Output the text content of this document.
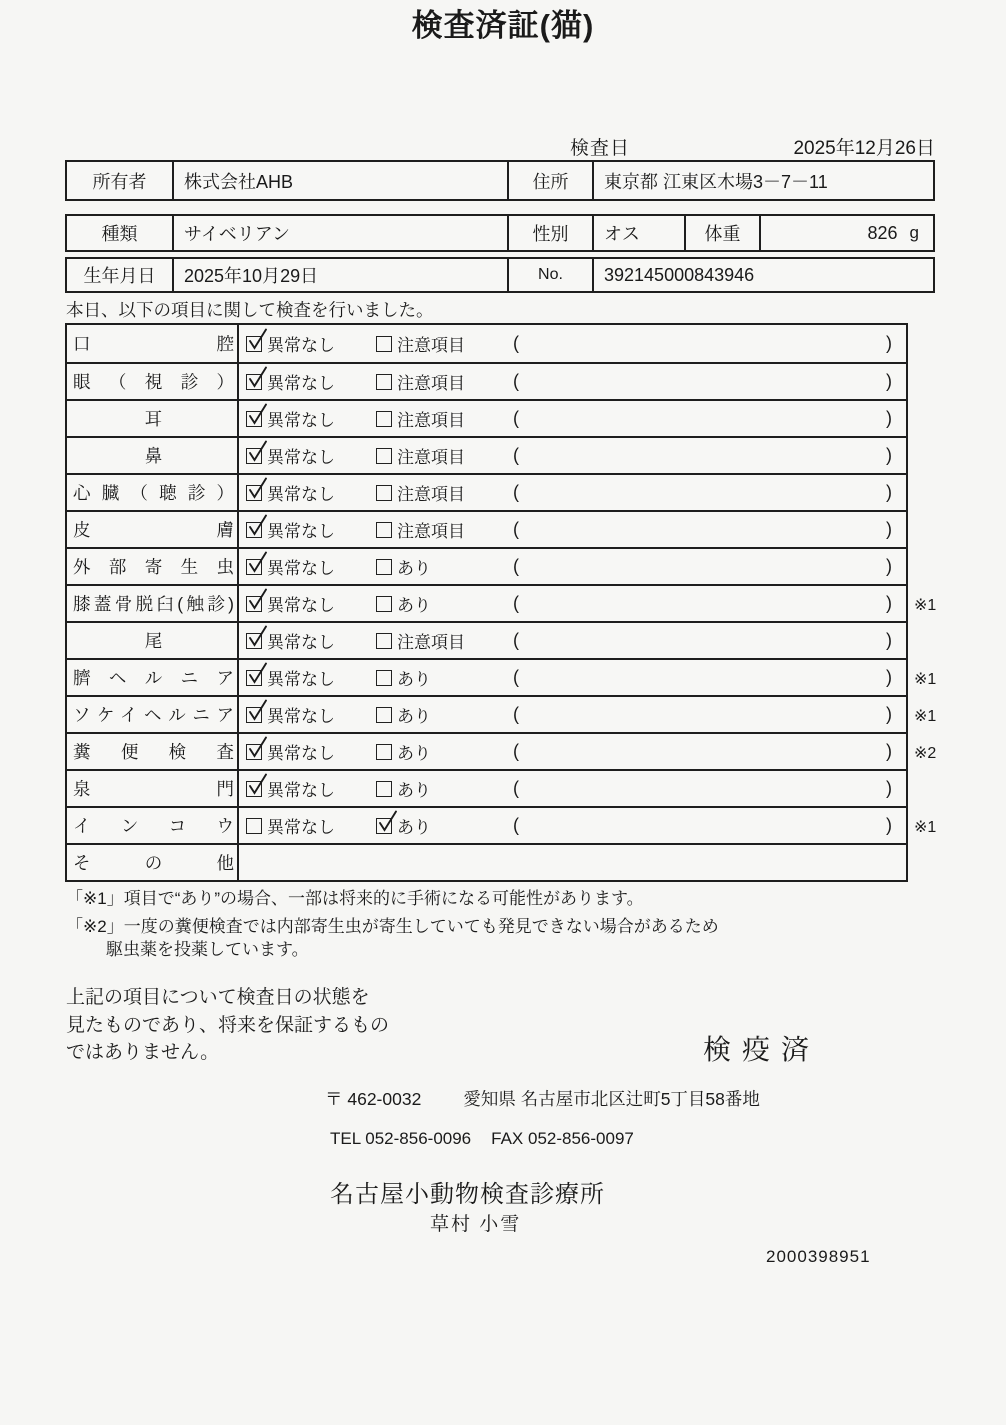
検査済証(猫)
検査日	2025年12月26日
所有者	株式会社AHB	住所	東京都 江東区木場3－7－11
種類	サイベリアン	性別	オス	体重	826 g
生年月日	2025年10月29日	No.	392145000843946
本日、以下の項目に関して検査を行いました。
口腔 異常なし	注意項目	(	)
眼（視診） 異常なし	注意項目	(	)
耳	異常なし	注意項目	(	)
鼻	異常なし	注意項目	(	)
心臓（聴診） 異常なし	注意項目	(	)
皮膚 異常なし	注意項目	(	)
外部寄生虫 異常なし	あり	(	)
膝蓋骨脱臼(触診) 異常なし	あり	(	)	※1
尾	異常なし	注意項目	(	)
臍ヘルニア 異常なし	あり	(	)	※1
ソケイヘルニア 異常なし	あり	(	)	※1
糞便検査 異常なし	あり	(	)	※2
泉門 異常なし	あり	(	)
インコウ 異常なし	あり	(	)	※1
その他
「※1」項目で“あり”の場合、一部は将来的に手術になる可能性があります。
「※2」一度の糞便検査では内部寄生虫が寄生していても発見できない場合があるため
駆虫薬を投薬しています。
上記の項目について検査日の状態を
見たものであり、将来を保証するもの
ではありません。	検疫済
〒 462-0032 愛知県 名古屋市北区辻町5丁目58番地
TEL 052-856-0096 FAX 052-856-0097
名古屋小動物検査診療所
草村 小雪
2000398951
